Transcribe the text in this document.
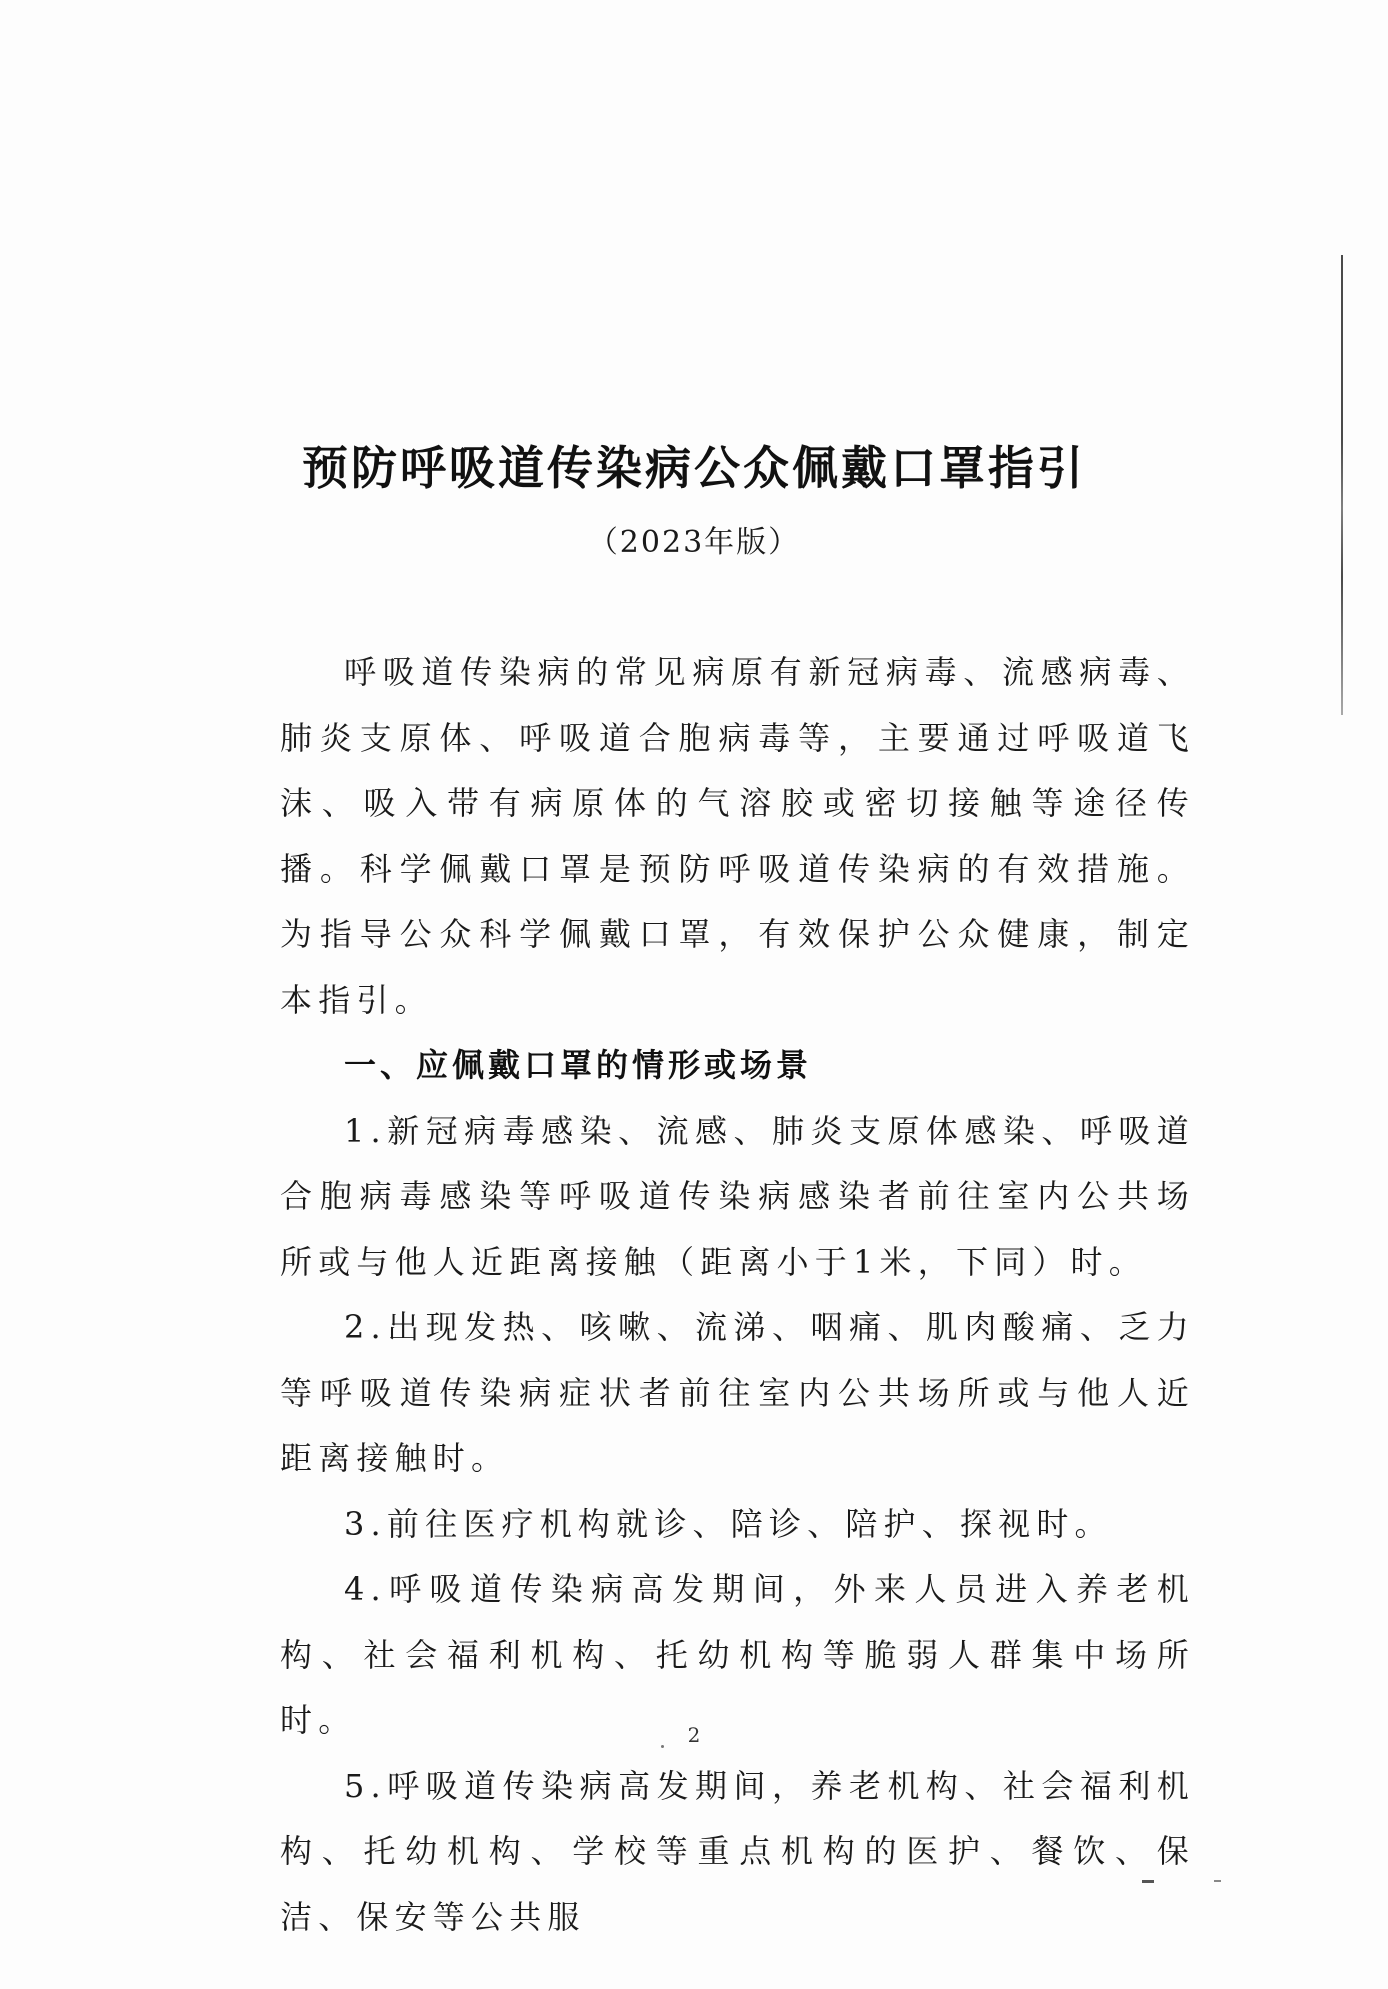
预防呼吸道传染病公众佩戴口罩指引
（2023年版）

呼吸道传染病的常见病原有新冠病毒、流感病毒、肺炎支原体、呼吸道合胞病毒等，主要通过呼吸道飞沫、吸入带有病原体的气溶胶或密切接触等途径传播。科学佩戴口罩是预防呼吸道传染病的有效措施。为指导公众科学佩戴口罩，有效保护公众健康，制定本指引。

一、应佩戴口罩的情形或场景

1.新冠病毒感染、流感、肺炎支原体感染、呼吸道合胞病毒感染等呼吸道传染病感染者前往室内公共场所或与他人近距离接触（距离小于1米，下同）时。

2.出现发热、咳嗽、流涕、咽痛、肌肉酸痛、乏力等呼吸道传染病症状者前往室内公共场所或与他人近距离接触时。

3.前往医疗机构就诊、陪诊、陪护、探视时。

4.呼吸道传染病高发期间，外来人员进入养老机构、社会福利机构、托幼机构等脆弱人群集中场所时。

5.呼吸道传染病高发期间，养老机构、社会福利机构、托幼机构、学校等重点机构的医护、餐饮、保洁、保安等公共服

2
